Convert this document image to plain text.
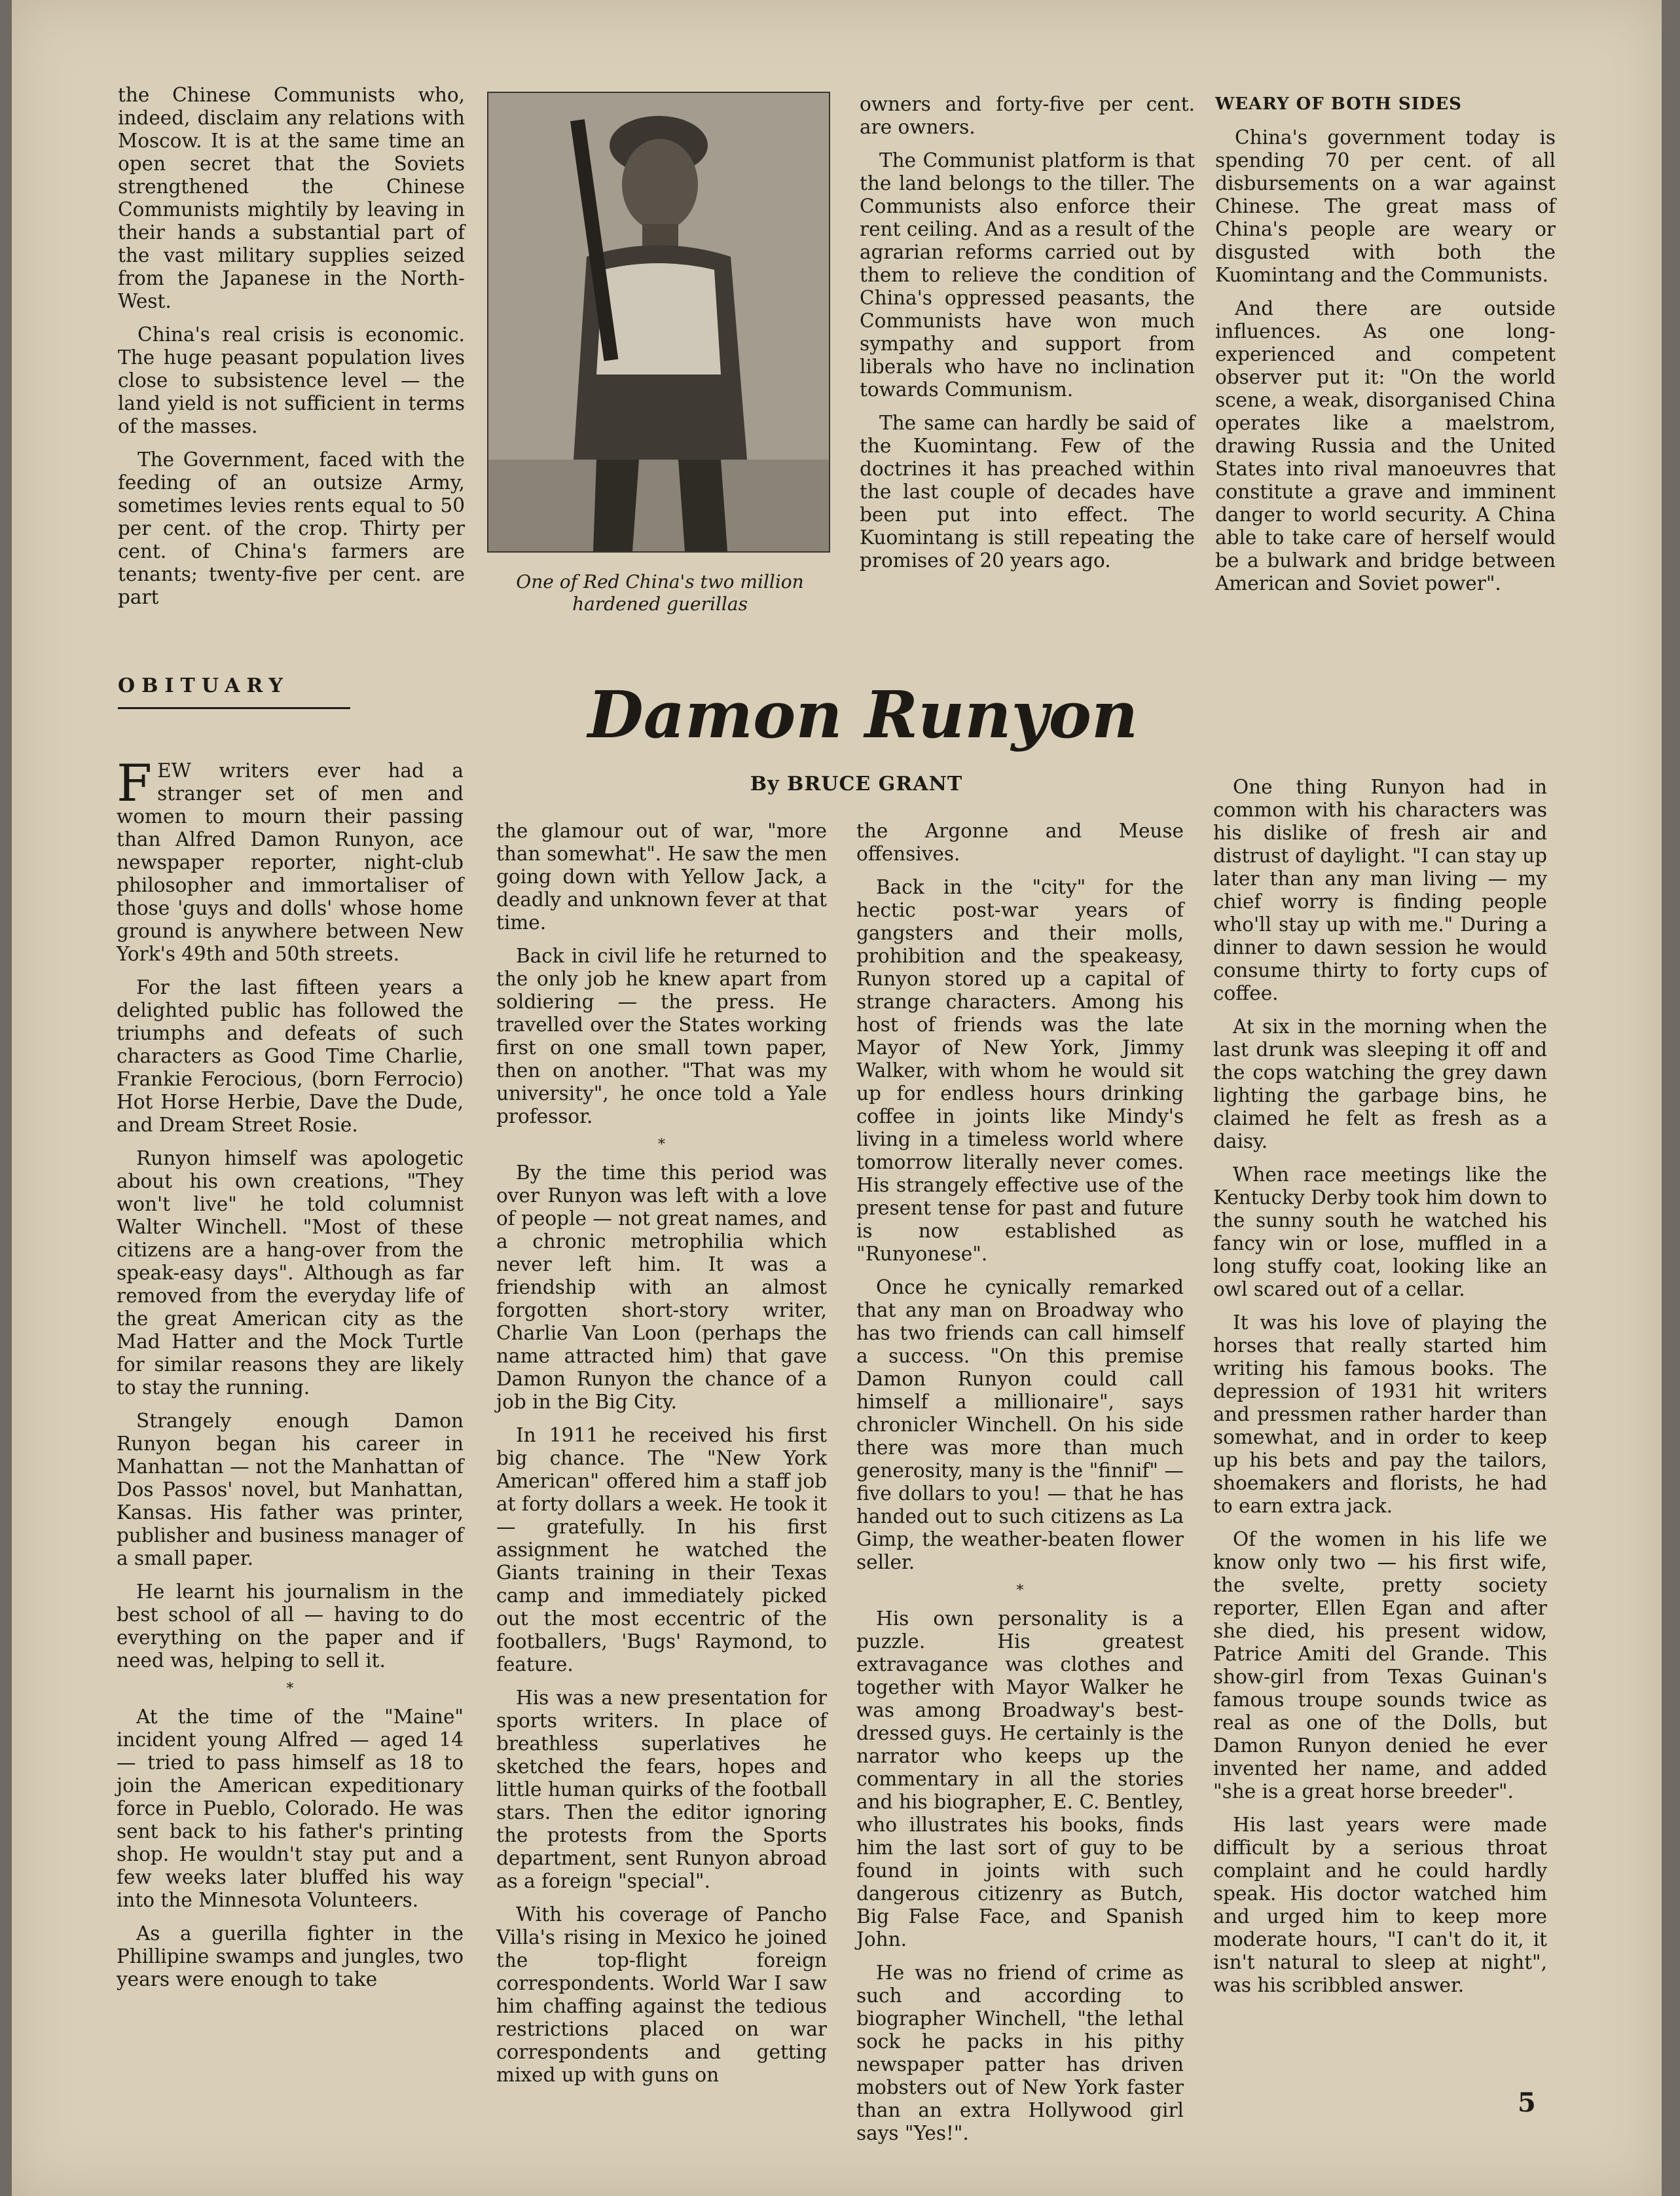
the Chinese Communists who, indeed, disclaim any relations with Moscow. It is at the same time an open secret that the Soviets strengthened the Chinese Communists mightily by leaving in their hands a substantial part of the vast military supplies seized from the Japanese in the North-West.

China's real crisis is economic. The huge peasant population lives close to subsistence level — the land yield is not sufficient in terms of the masses.

The Government, faced with the feeding of an outsize Army, sometimes levies rents equal to 50 per cent. of the crop. Thirty per cent. of China's farmers are tenants; twenty-five per cent. are part

One of Red China's two million hardened guerillas

owners and forty-five per cent. are owners.

The Communist platform is that the land belongs to the tiller. The Communists also enforce their rent ceiling. And as a result of the agrarian reforms carried out by them to relieve the condition of China's oppressed peasants, the Communists have won much sympathy and support from liberals who have no inclination towards Communism.

The same can hardly be said of the Kuomintang. Few of the doctrines it has preached within the last couple of decades have been put into effect. The Kuomintang is still repeating the promises of 20 years ago.

WEARY OF BOTH SIDES

China's government today is spending 70 per cent. of all disbursements on a war against Chinese. The great mass of China's people are weary or disgusted with both the Kuomintang and the Communists.

And there are outside influences. As one long-experienced and competent observer put it: "On the world scene, a weak, disorganised China operates like a maelstrom, drawing Russia and the United States into rival manoeuvres that constitute a grave and imminent danger to world security. A China able to take care of herself would be a bulwark and bridge between American and Soviet power".

OBITUARY	Damon Runyon
By BRUCE GRANT

FEW writers ever had a stranger set of men and women to mourn their passing than Alfred Damon Runyon, ace newspaper reporter, night-club philosopher and immortaliser of those 'guys and dolls' whose home ground is anywhere between New York's 49th and 50th streets.

For the last fifteen years a delighted public has followed the triumphs and defeats of such characters as Good Time Charlie, Frankie Ferocious, (born Ferrocio) Hot Horse Herbie, Dave the Dude, and Dream Street Rosie.

Runyon himself was apologetic about his own creations, "They won't live" he told columnist Walter Winchell. "Most of these citizens are a hang-over from the speak-easy days". Although as far removed from the everyday life of the great American city as the Mad Hatter and the Mock Turtle for similar reasons they are likely to stay the running.

Strangely enough Damon Runyon began his career in Manhattan — not the Manhattan of Dos Passos' novel, but Manhattan, Kansas. His father was printer, publisher and business manager of a small paper.

He learnt his journalism in the best school of all — having to do everything on the paper and if need was, helping to sell it.

*

At the time of the "Maine" incident young Alfred — aged 14 — tried to pass himself as 18 to join the American expeditionary force in Pueblo, Colorado. He was sent back to his father's printing shop. He wouldn't stay put and a few weeks later bluffed his way into the Minnesota Volunteers.

As a guerilla fighter in the Phillipine swamps and jungles, two years were enough to take

the glamour out of war, "more than somewhat". He saw the men going down with Yellow Jack, a deadly and unknown fever at that time.

Back in civil life he returned to the only job he knew apart from soldiering — the press. He travelled over the States working first on one small town paper, then on another. "That was my university", he once told a Yale professor.

*

By the time this period was over Runyon was left with a love of people — not great names, and a chronic metrophilia which never left him. It was a friendship with an almost forgotten short-story writer, Charlie Van Loon (perhaps the name attracted him) that gave Damon Runyon the chance of a job in the Big City.

In 1911 he received his first big chance. The "New York American" offered him a staff job at forty dollars a week. He took it — gratefully. In his first assignment he watched the Giants training in their Texas camp and immediately picked out the most eccentric of the footballers, 'Bugs' Raymond, to feature.

His was a new presentation for sports writers. In place of breathless superlatives he sketched the fears, hopes and little human quirks of the football stars. Then the editor ignoring the protests from the Sports department, sent Runyon abroad as a foreign "special".

With his coverage of Pancho Villa's rising in Mexico he joined the top-flight foreign correspondents. World War I saw him chaffing against the tedious restrictions placed on war correspondents and getting mixed up with guns on

the Argonne and Meuse offensives.

Back in the "city" for the hectic post-war years of gangsters and their molls, prohibition and the speakeasy, Runyon stored up a capital of strange characters. Among his host of friends was the late Mayor of New York, Jimmy Walker, with whom he would sit up for endless hours drinking coffee in joints like Mindy's living in a timeless world where tomorrow literally never comes. His strangely effective use of the present tense for past and future is now established as "Runyonese".

Once he cynically remarked that any man on Broadway who has two friends can call himself a success. "On this premise Damon Runyon could call himself a millionaire", says chronicler Winchell. On his side there was more than much generosity, many is the "finnif" — five dollars to you! — that he has handed out to such citizens as La Gimp, the weather-beaten flower seller.

*

His own personality is a puzzle. His greatest extravagance was clothes and together with Mayor Walker he was among Broadway's best-dressed guys. He certainly is the narrator who keeps up the commentary in all the stories and his biographer, E. C. Bentley, who illustrates his books, finds him the last sort of guy to be found in joints with such dangerous citizenry as Butch, Big False Face, and Spanish John.

He was no friend of crime as such and according to biographer Winchell, "the lethal sock he packs in his pithy newspaper patter has driven mobsters out of New York faster than an extra Hollywood girl says "Yes!".

One thing Runyon had in common with his characters was his dislike of fresh air and distrust of daylight. "I can stay up later than any man living — my chief worry is finding people who'll stay up with me." During a dinner to dawn session he would consume thirty to forty cups of coffee.

At six in the morning when the last drunk was sleeping it off and the cops watching the grey dawn lighting the garbage bins, he claimed he felt as fresh as a daisy.

When race meetings like the Kentucky Derby took him down to the sunny south he watched his fancy win or lose, muffled in a long stuffy coat, looking like an owl scared out of a cellar.

It was his love of playing the horses that really started him writing his famous books. The depression of 1931 hit writers and pressmen rather harder than somewhat, and in order to keep up his bets and pay the tailors, shoemakers and florists, he had to earn extra jack.

Of the women in his life we know only two — his first wife, the svelte, pretty society reporter, Ellen Egan and after she died, his present widow, Patrice Amiti del Grande. This show-girl from Texas Guinan's famous troupe sounds twice as real as one of the Dolls, but Damon Runyon denied he ever invented her name, and added "she is a great horse breeder".

His last years were made difficult by a serious throat complaint and he could hardly speak. His doctor watched him and urged him to keep more moderate hours, "I can't do it, it isn't natural to sleep at night", was his scribbled answer.

5
